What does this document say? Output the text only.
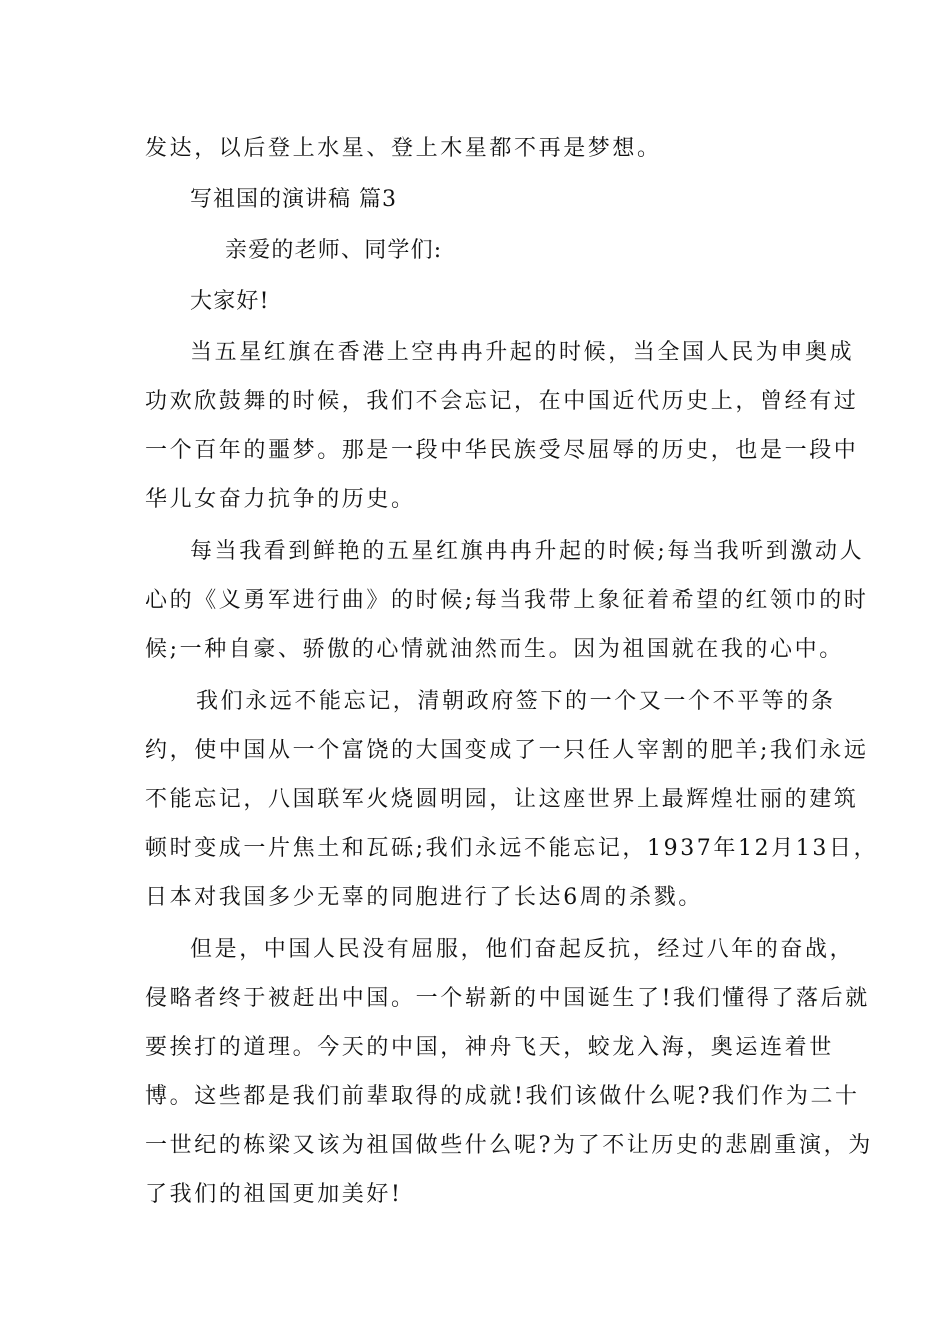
发达，以后登上水星、登上木星都不再是梦想。

写祖国的演讲稿 篇3

亲爱的老师、同学们:

大家好!

当五星红旗在香港上空冉冉升起的时候，当全国人民为申奥成

功欢欣鼓舞的时候，我们不会忘记，在中国近代历史上，曾经有过

一个百年的噩梦。那是一段中华民族受尽屈辱的历史，也是一段中

华儿女奋力抗争的历史。

每当我看到鲜艳的五星红旗冉冉升起的时候;每当我听到激动人

心的《义勇军进行曲》的时候;每当我带上象征着希望的红领巾的时

候;一种自豪、骄傲的心情就油然而生。因为祖国就在我的心中。

我们永远不能忘记，清朝政府签下的一个又一个不平等的条

约，使中国从一个富饶的大国变成了一只任人宰割的肥羊;我们永远

不能忘记，八国联军火烧圆明园，让这座世界上最辉煌壮丽的建筑

顿时变成一片焦土和瓦砾;我们永远不能忘记，1937年12月13日，

日本对我国多少无辜的同胞进行了长达6周的杀戮。

但是，中国人民没有屈服，他们奋起反抗，经过八年的奋战，

侵略者终于被赶出中国。一个崭新的中国诞生了!我们懂得了落后就

要挨打的道理。今天的中国，神舟飞天，蛟龙入海，奥运连着世

博。这些都是我们前辈取得的成就!我们该做什么呢?我们作为二十

一世纪的栋梁又该为祖国做些什么呢?为了不让历史的悲剧重演，为

了我们的祖国更加美好!
